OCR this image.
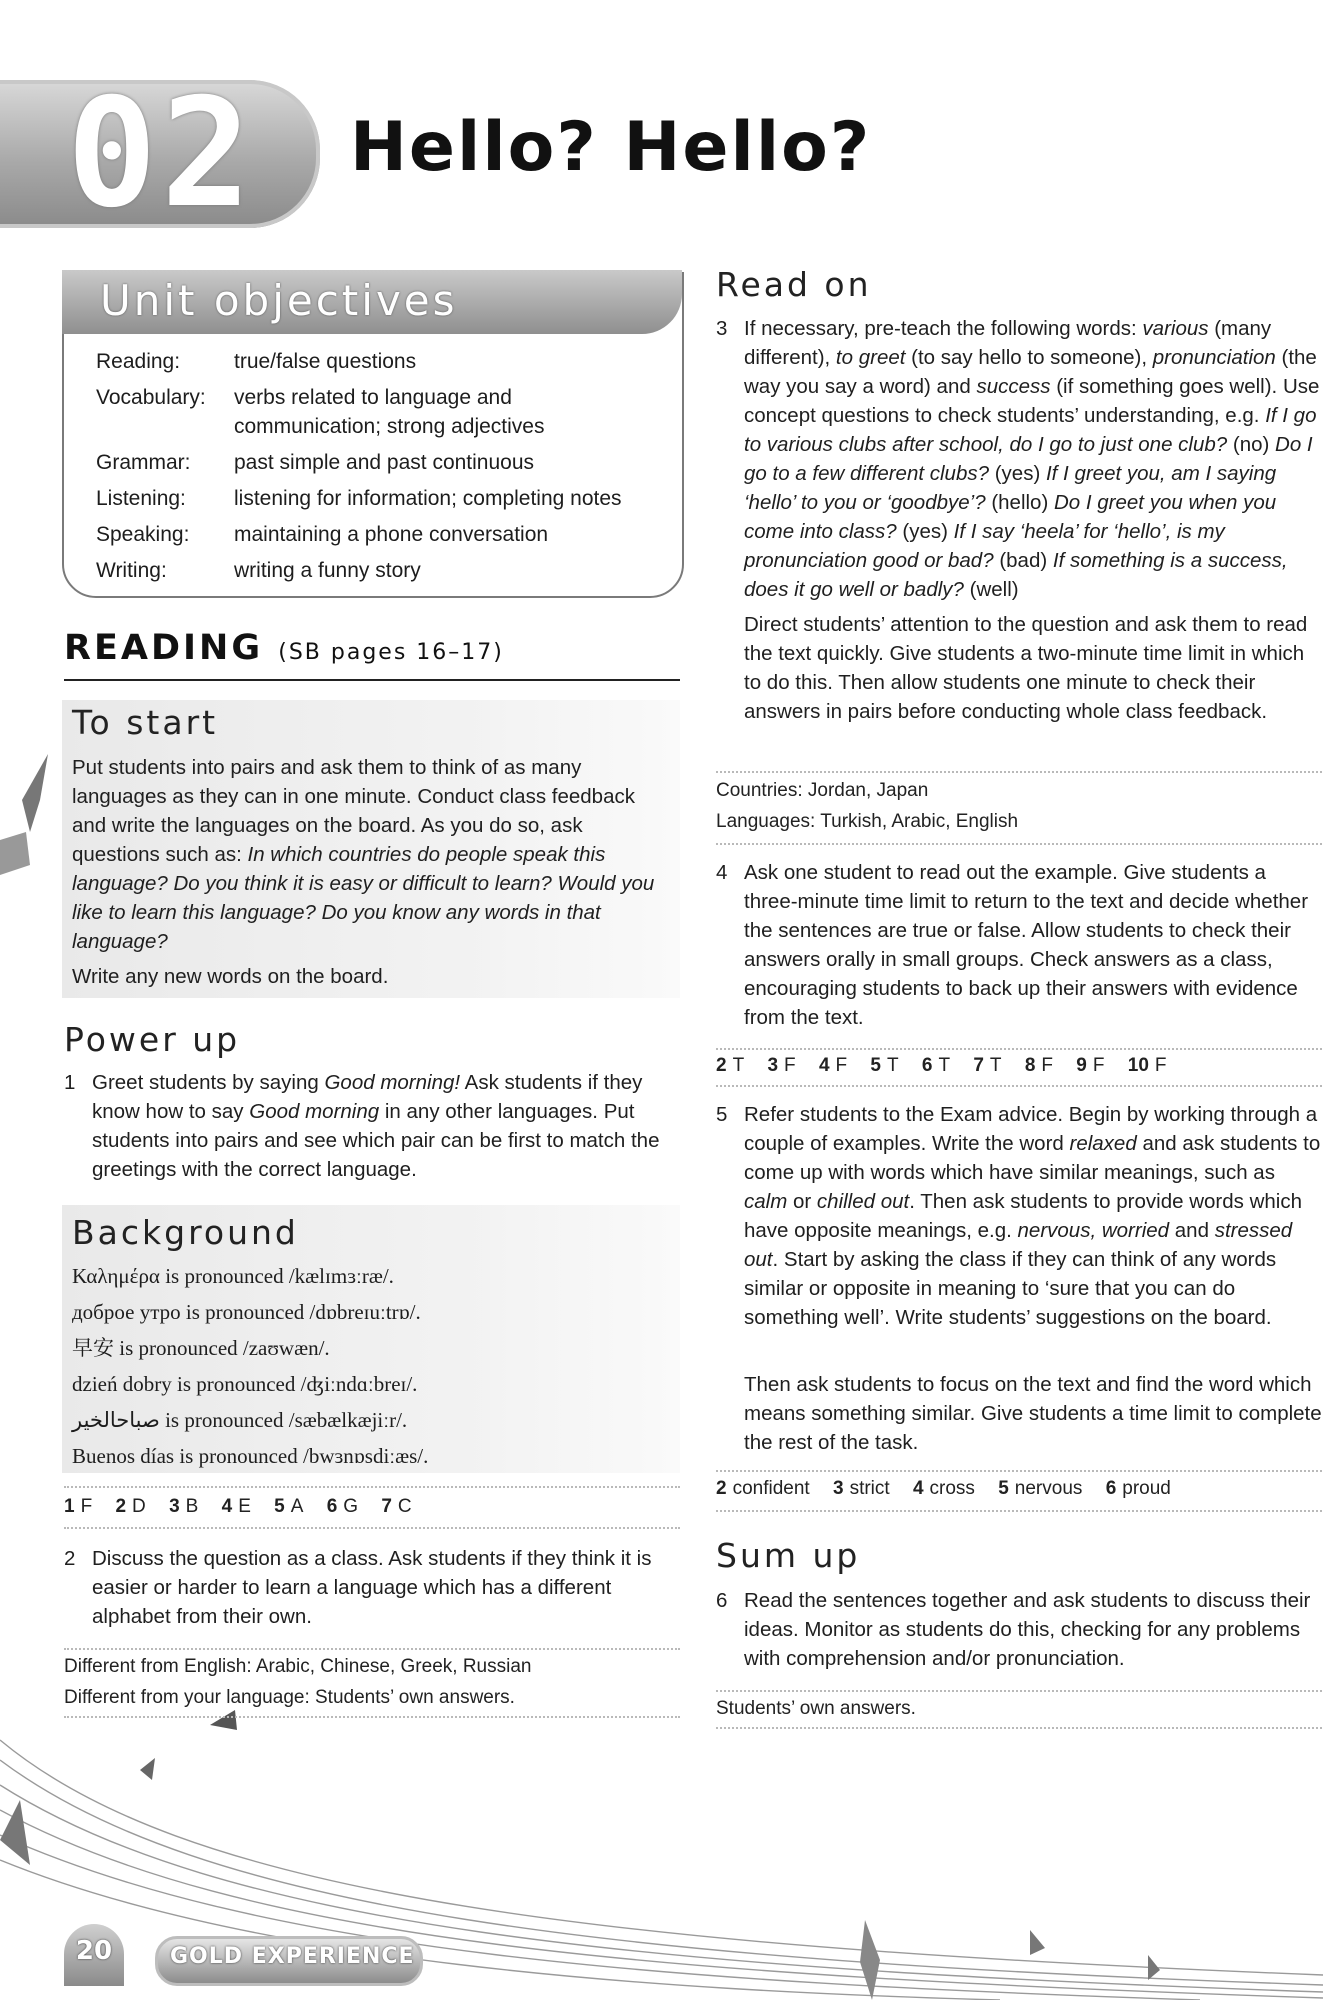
02	Hello? Hello?
Unit objectives
Reading:	true/false questions
Vocabulary:	verbs related to language and communication; strong adjectives
Grammar:	past simple and past continuous
Listening:	listening for information; completing notes
Speaking:	maintaining a phone conversation
Writing:	writing a funny story
READING (SB pages 16–17)
To start
Put students into pairs and ask them to think of as many languages as they can in one minute. Conduct class feedback and write the languages on the board. As you do so, ask questions such as: In which countries do people speak this language? Do you think it is easy or difficult to learn? Would you like to learn this language? Do you know any words in that language?
Write any new words on the board.
Power up
1 Greet students by saying Good morning! Ask students if they know how to say Good morning in any other languages. Put students into pairs and see which pair can be first to match the greetings with the correct language.
Background
Καλημέρα is pronounced /kælɪmɜːræ/.
доброе утро is pronounced /dɒbreɪuːtrɒ/.
早安 is pronounced /zaʊwæn/.
dzień dobry is pronounced /ʤiːndɑːbreɪ/.
صباحالخير is pronounced /sæbælkæjiːr/.
Buenos días is pronounced /bwɜnɒsdiːæs/.
1 F 2 D 3 B 4 E 5 A 6 G 7 C
2 Discuss the question as a class. Ask students if they think it is easier or harder to learn a language which has a different alphabet from their own.
Different from English: Arabic, Chinese, Greek, Russian
Different from your language: Students’ own answers.
Read on
3 If necessary, pre-teach the following words: various (many different), to greet (to say hello to someone), pronunciation (the way you say a word) and success (if something goes well). Use concept questions to check students’ understanding, e.g. If I go to various clubs after school, do I go to just one club? (no) Do I go to a few different clubs? (yes) If I greet you, am I saying ‘hello’ to you or ‘goodbye’? (hello) Do I greet you when you come into class? (yes) If I say ‘heela’ for ‘hello’, is my pronunciation good or bad? (bad) If something is a success, does it go well or badly? (well)
Direct students’ attention to the question and ask them to read the text quickly. Give students a two-minute time limit in which to do this. Then allow students one minute to check their answers in pairs before conducting whole class feedback.
Countries: Jordan, Japan
Languages: Turkish, Arabic, English
4 Ask one student to read out the example. Give students a three-minute time limit to return to the text and decide whether the sentences are true or false. Allow students to check their answers orally in small groups. Check answers as a class, encouraging students to back up their answers with evidence from the text.
2 T 3 F 4 F 5 T 6 T 7 T 8 F 9 F 10 F
5 Refer students to the Exam advice. Begin by working through a couple of examples. Write the word relaxed and ask students to come up with words which have similar meanings, such as calm or chilled out. Then ask students to provide words which have opposite meanings, e.g. nervous, worried and stressed out. Start by asking the class if they can think of any words similar or opposite in meaning to ‘sure that you can do something well’. Write students’ suggestions on the board.
Then ask students to focus on the text and find the word which means something similar. Give students a time limit to complete the rest of the task.
2 confident 3 strict 4 cross 5 nervous 6 proud
Sum up
6 Read the sentences together and ask students to discuss their ideas. Monitor as students do this, checking for any problems with comprehension and/or pronunciation.
Students’ own answers.
20	GOLD EXPERIENCE
